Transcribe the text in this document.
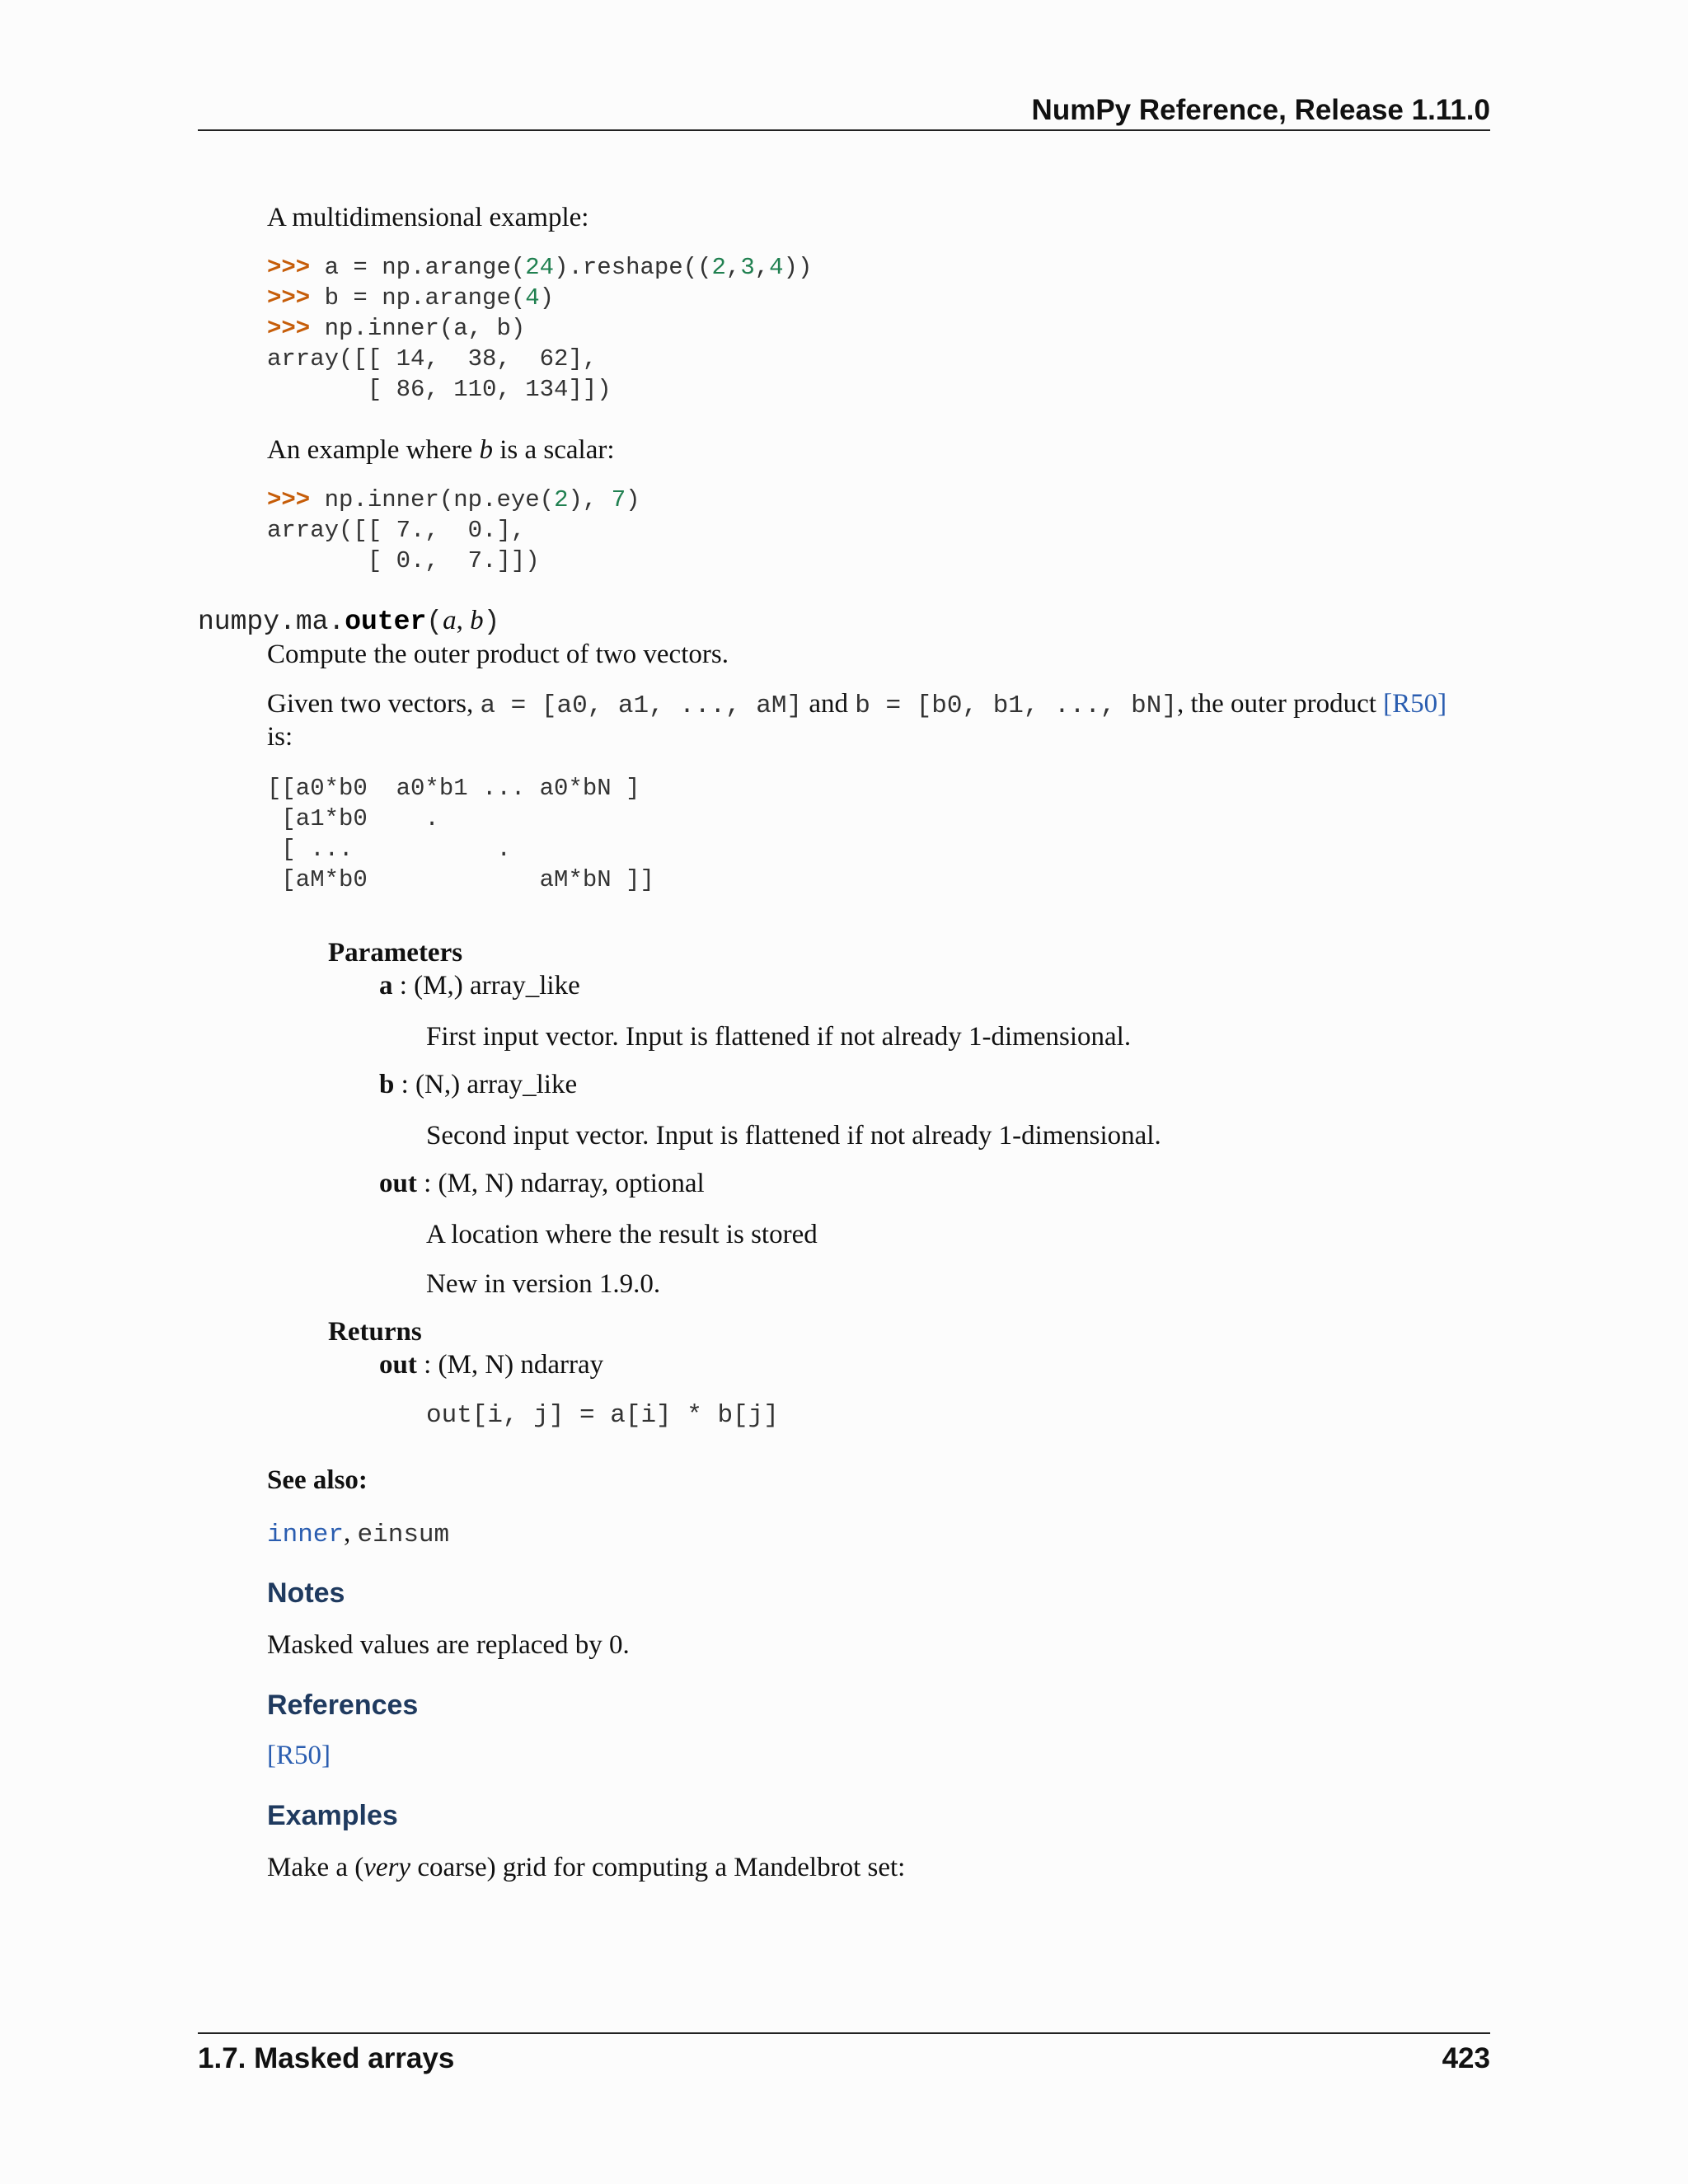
NumPy Reference, Release 1.11.0
A multidimensional example:
>>> a = np.arange(24).reshape((2,3,4))
>>> b = np.arange(4)
>>> np.inner(a, b)
array([[ 14,  38,  62],
[ 86, 110, 134]])
An example where b is a scalar:
>>> np.inner(np.eye(2), 7)
array([[ 7.,  0.],
[ 0.,  7.]])
numpy.ma.outer(a, b)
Compute the outer product of two vectors.
Given two vectors, a = [a0, a1, ..., aM] and b = [b0, b1, ..., bN], the outer product [R50]
is:
[[a0*b0  a0*b1 ... a0*bN ]
[a1*b0    .
[ ...          .
[aM*b0            aM*bN ]]
Parameters
a : (M,) array_like
First input vector. Input is flattened if not already 1-dimensional.
b : (N,) array_like
Second input vector. Input is flattened if not already 1-dimensional.
out : (M, N) ndarray, optional
A location where the result is stored
New in version 1.9.0.
Returns
out : (M, N) ndarray
out[i, j] = a[i] * b[j]
See also:
inner, einsum
Notes
Masked values are replaced by 0.
References
[R50]
Examples
Make a (very coarse) grid for computing a Mandelbrot set:
1.7. Masked arrays	423
